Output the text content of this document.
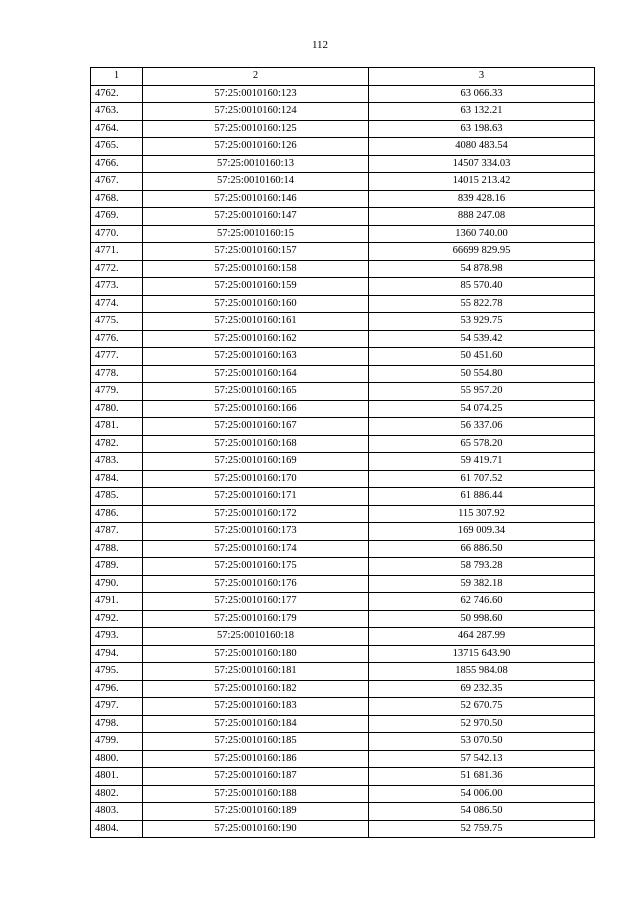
112
1	2	3
4762.	57:25:0010160:123	63 066.33
4763.	57:25:0010160:124	63 132.21
4764.	57:25:0010160:125	63 198.63
4765.	57:25:0010160:126	4080 483.54
4766.	57:25:0010160:13	14507 334.03
4767.	57:25:0010160:14	14015 213.42
4768.	57:25:0010160:146	839 428.16
4769.	57:25:0010160:147	888 247.08
4770.	57:25:0010160:15	1360 740.00
4771.	57:25:0010160:157	66699 829.95
4772.	57:25:0010160:158	54 878.98
4773.	57:25:0010160:159	85 570.40
4774.	57:25:0010160:160	55 822.78
4775.	57:25:0010160:161	53 929.75
4776.	57:25:0010160:162	54 539.42
4777.	57:25:0010160:163	50 451.60
4778.	57:25:0010160:164	50 554.80
4779.	57:25:0010160:165	55 957.20
4780.	57:25:0010160:166	54 074.25
4781.	57:25:0010160:167	56 337.06
4782.	57:25:0010160:168	65 578.20
4783.	57:25:0010160:169	59 419.71
4784.	57:25:0010160:170	61 707.52
4785.	57:25:0010160:171	61 886.44
4786.	57:25:0010160:172	115 307.92
4787.	57:25:0010160:173	169 009.34
4788.	57:25:0010160:174	66 886.50
4789.	57:25:0010160:175	58 793.28
4790.	57:25:0010160:176	59 382.18
4791.	57:25:0010160:177	62 746.60
4792.	57:25:0010160:179	50 998.60
4793.	57:25:0010160:18	464 287.99
4794.	57:25:0010160:180	13715 643.90
4795.	57:25:0010160:181	1855 984.08
4796.	57:25:0010160:182	69 232.35
4797.	57:25:0010160:183	52 670.75
4798.	57:25:0010160:184	52 970.50
4799.	57:25:0010160:185	53 070.50
4800.	57:25:0010160:186	57 542.13
4801.	57:25:0010160:187	51 681.36
4802.	57:25:0010160:188	54 006.00
4803.	57:25:0010160:189	54 086.50
4804.	57:25:0010160:190	52 759.75
